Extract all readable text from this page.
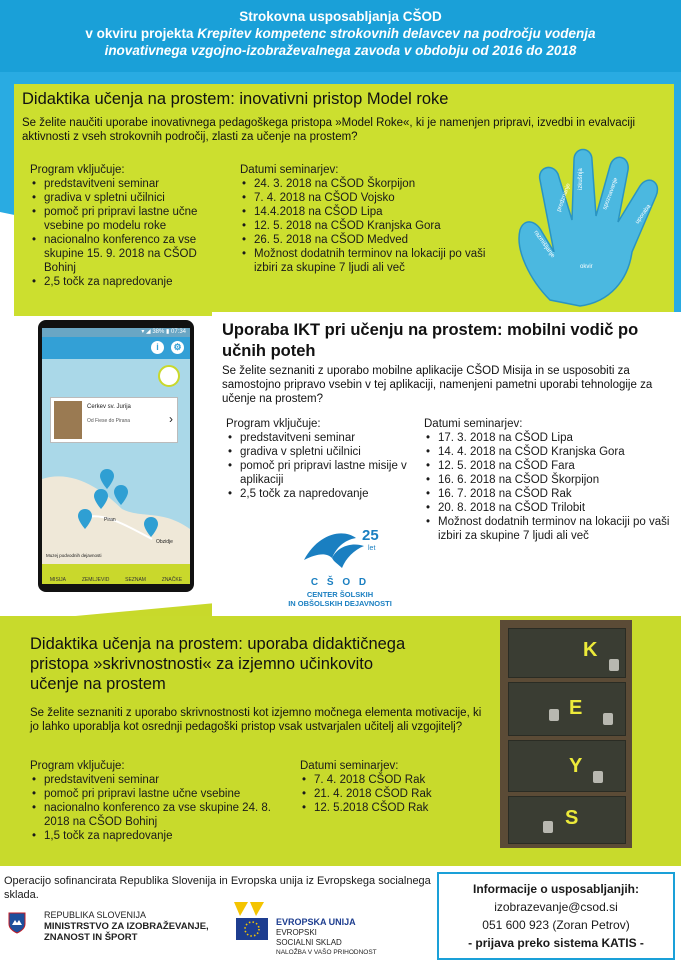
Strokovna usposabljanja CŠOD
v okviru projekta Krepitev kompetenc strokovnih delavcev na področju vodenja
inovativnega vzgojno-izobraževalnega zavoda v obdobju od 2016 do 2018
Didaktika učenja na prostem: inovativni pristop Model roke
Se želite naučiti uporabe inovativnega pedagoškega pristopa »Model Roke«, ki je namenjen pripravi, izvedbi in evalvaciji aktivnosti z vseh strokovnih področij, zlasti za učenje na prostem?
Program vključuje:
• predstavitveni seminar
• gradiva v spletni učilnici
• pomoč pri pripravi lastne učne vsebine po modelu roke
• nacionalno konferenco za vse skupine 15. 9. 2018 na CŠOD Bohinj
• 2,5 točk za napredovanje
Datumi seminarjev:
• 24. 3. 2018 na CŠOD Škorpijon
• 7. 4. 2018 na CŠOD Vojsko
• 14.4.2018 na CŠOD Lipa
• 12. 5. 2018 na CŠOD Kranjska Gora
• 26. 5. 2018 na CŠOD Medved
• Možnost dodatnih terminov na lokaciji po vaši izbiri za skupine 7 ljudi ali več
predznanje
izkušnja	spoznavanje
razmišljanje
uporaba
okvir
Uporaba IKT pri učenju na prostem: mobilni vodič po učnih poteh
Se želite seznaniti z uporabo mobilne aplikacije CŠOD Misija in se usposobiti za samostojno pripravo vsebin v tej aplikaciji, namenjeni pametni uporabi tehnologije za učenje na prostem?
Program vključuje:
• predstavitveni seminar
• gradiva v spletni učilnici
• pomoč pri pripravi lastne misije v aplikaciji
• 2,5 točk za napredovanje
Datumi seminarjev:
• 17. 3. 2018 na CŠOD Lipa
• 14. 4. 2018 na CŠOD Kranjska Gora
• 12. 5. 2018 na CŠOD Fara
• 16. 6. 2018 na CŠOD Škorpijon
• 16. 7. 2018 na CŠOD Rak
• 20. 8. 2018 na CŠOD Trilobit
• Možnost dodatnih terminov na lokaciji po vaši izbiri za skupine 7 ljudi ali več
▾ ◢ 38% ▮ 07:34
i	⚙
Cerkev sv. Jurija
Od Fiese do Pirana	›
Piran
Obzidje
Muzej podvodnih dejavnosti
MISIJA	ZEMLJEVID	SEZNAM	ZNAČKE
25
let
C Š O D
CENTER ŠOLSKIH
IN OBŠOLSKIH DEJAVNOSTI
Didaktika učenja na prostem: uporaba didaktičnega
pristopa »skrivnostnosti« za izjemno učinkovito
učenje na prostem
Se želite seznaniti z uporabo skrivnostnosti kot izjemno močnega elementa motivacije, ki jo lahko uporablja kot osrednji pedagoški pristop vsak ustvarjalen učitelj ali vzgojitelj?
Program vključuje:
• predstavitveni seminar
• pomoč pri pripravi lastne učne vsebine
• nacionalno konferenco za vse skupine 24. 8. 2018 na CŠOD Bohinj
• 1,5 točk za napredovanje
Datumi seminarjev:
• 7. 4. 2018 CŠOD Rak
• 21. 4. 2018 CŠOD Rak
• 12. 5.2018 CŠOD Rak
K
E
Y
S
Operacijo sofinancirata Republika Slovenija in Evropska unija iz Evropskega socialnega sklada.
REPUBLIKA SLOVENIJA
MINISTRSTVO ZA IZOBRAŽEVANJE,
ZNANOST IN ŠPORT
EVROPSKA UNIJA
EVROPSKI
SOCIALNI SKLAD
NALOŽBA V VAŠO PRIHODNOST
Informacije o usposabljanjih:
izobrazevanje@csod.si
051 600 923 (Zoran Petrov)
- prijava preko sistema KATIS -
